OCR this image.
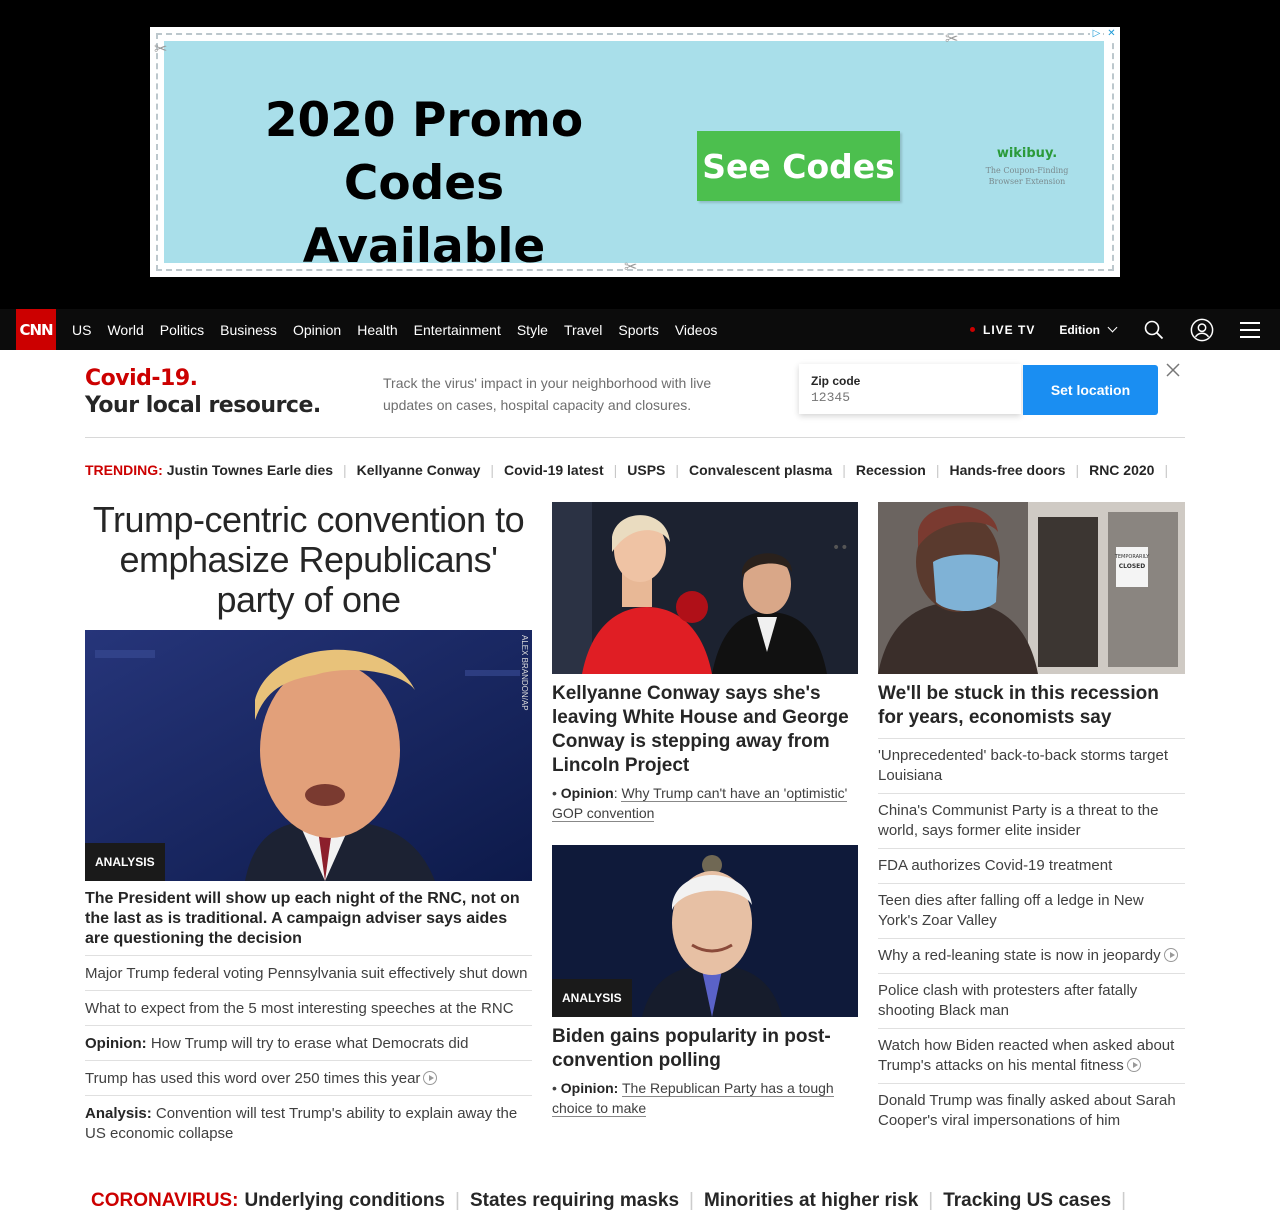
2020 Promo
Codes Available
See Codes	wikibuy.
The Coupon-Finding Browser Extension
✂
✂
✂
▷ ✕
CNN US World Politics Business Opinion Health Entertainment Style Travel Sports Videos	LIVE TV Edition
Covid-19.
Your local resource.
Track the virus' impact in your neighborhood with live updates on cases, hospital capacity and closures.
Zip code
12345
Set location
TRENDING: Justin Townes Earle dies | Kellyanne Conway | Covid-19 latest | USPS | Convalescent plasma | Recession | Hands-free doors | RNC 2020 |
Trump-centric convention to emphasize Republicans' party of one
ANALYSIS
ALEX BRANDON/AP
The President will show up each night of the RNC, not on the last as is traditional. A campaign adviser says aides are questioning the decision
Major Trump federal voting Pennsylvania suit effectively shut down
What to expect from the 5 most interesting speeches at the RNC
Opinion: How Trump will try to erase what Democrats did
Trump has used this word over 250 times this year
Analysis: Convention will test Trump's ability to explain away the US economic collapse
••
Kellyanne Conway says she's leaving White House and George Conway is stepping away from Lincoln Project
• Opinion: Why Trump can't have an 'optimistic' GOP convention
ANALYSIS
Biden gains popularity in post-convention polling
• Opinion: The Republican Party has a tough choice to make
TEMPORARILY
CLOSED
We'll be stuck in this recession for years, economists say
'Unprecedented' back-to-back storms target Louisiana
China's Communist Party is a threat to the world, says former elite insider
FDA authorizes Covid-19 treatment
Teen dies after falling off a ledge in New York's Zoar Valley
Why a red-leaning state is now in jeopardy
Police clash with protesters after fatally shooting Black man
Watch how Biden reacted when asked about Trump's attacks on his mental fitness
Donald Trump was finally asked about Sarah Cooper's viral impersonations of him
CORONAVIRUS: Underlying conditions | States requiring masks | Minorities at higher risk | Tracking US cases |
